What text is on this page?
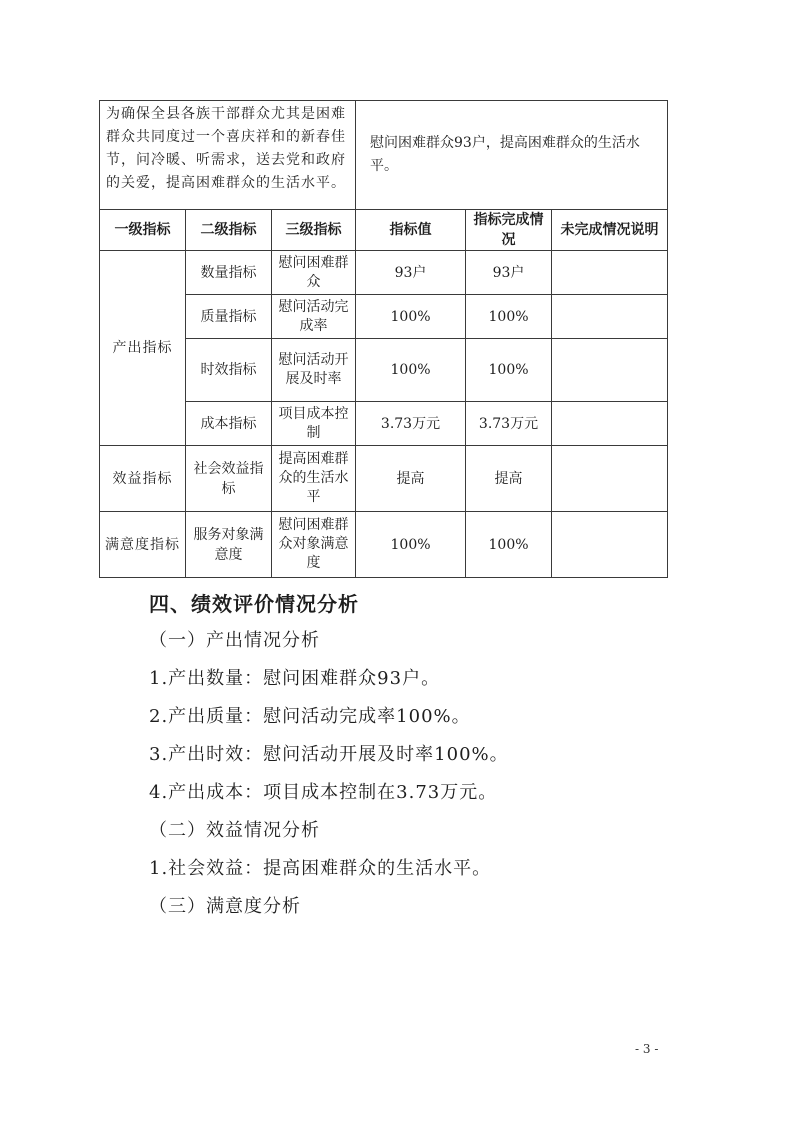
为确保全县各族干部群众尤其是困难群众共同度过一个喜庆祥和的新春佳节，问冷暖、听需求，送去党和政府的关爱，提高困难群众的生活水平。			慰问困难群众93户，提高困难群众的生活水平。		
一级指标	二级指标	三级指标	指标值	指标完成情况	未完成情况说明
产出指标	数量指标	慰问困难群众	93户	93户	
	质量指标	慰问活动完成率	100%	100%	
	时效指标	慰问活动开展及时率	100%	100%	
	成本指标	项目成本控制	3.73万元	3.73万元	
效益指标	社会效益指标	提高困难群众的生活水平	提高	提高	
满意度指标	服务对象满意度	慰问困难群众对象满意度	100%	100%	
四、绩效评价情况分析

（一）产出情况分析

1.产出数量：慰问困难群众93户。

2.产出质量：慰问活动完成率100%。

3.产出时效：慰问活动开展及时率100%。

4.产出成本：项目成本控制在3.73万元。

（二）效益情况分析

1.社会效益：提高困难群众的生活水平。

（三）满意度分析

- 3 -
